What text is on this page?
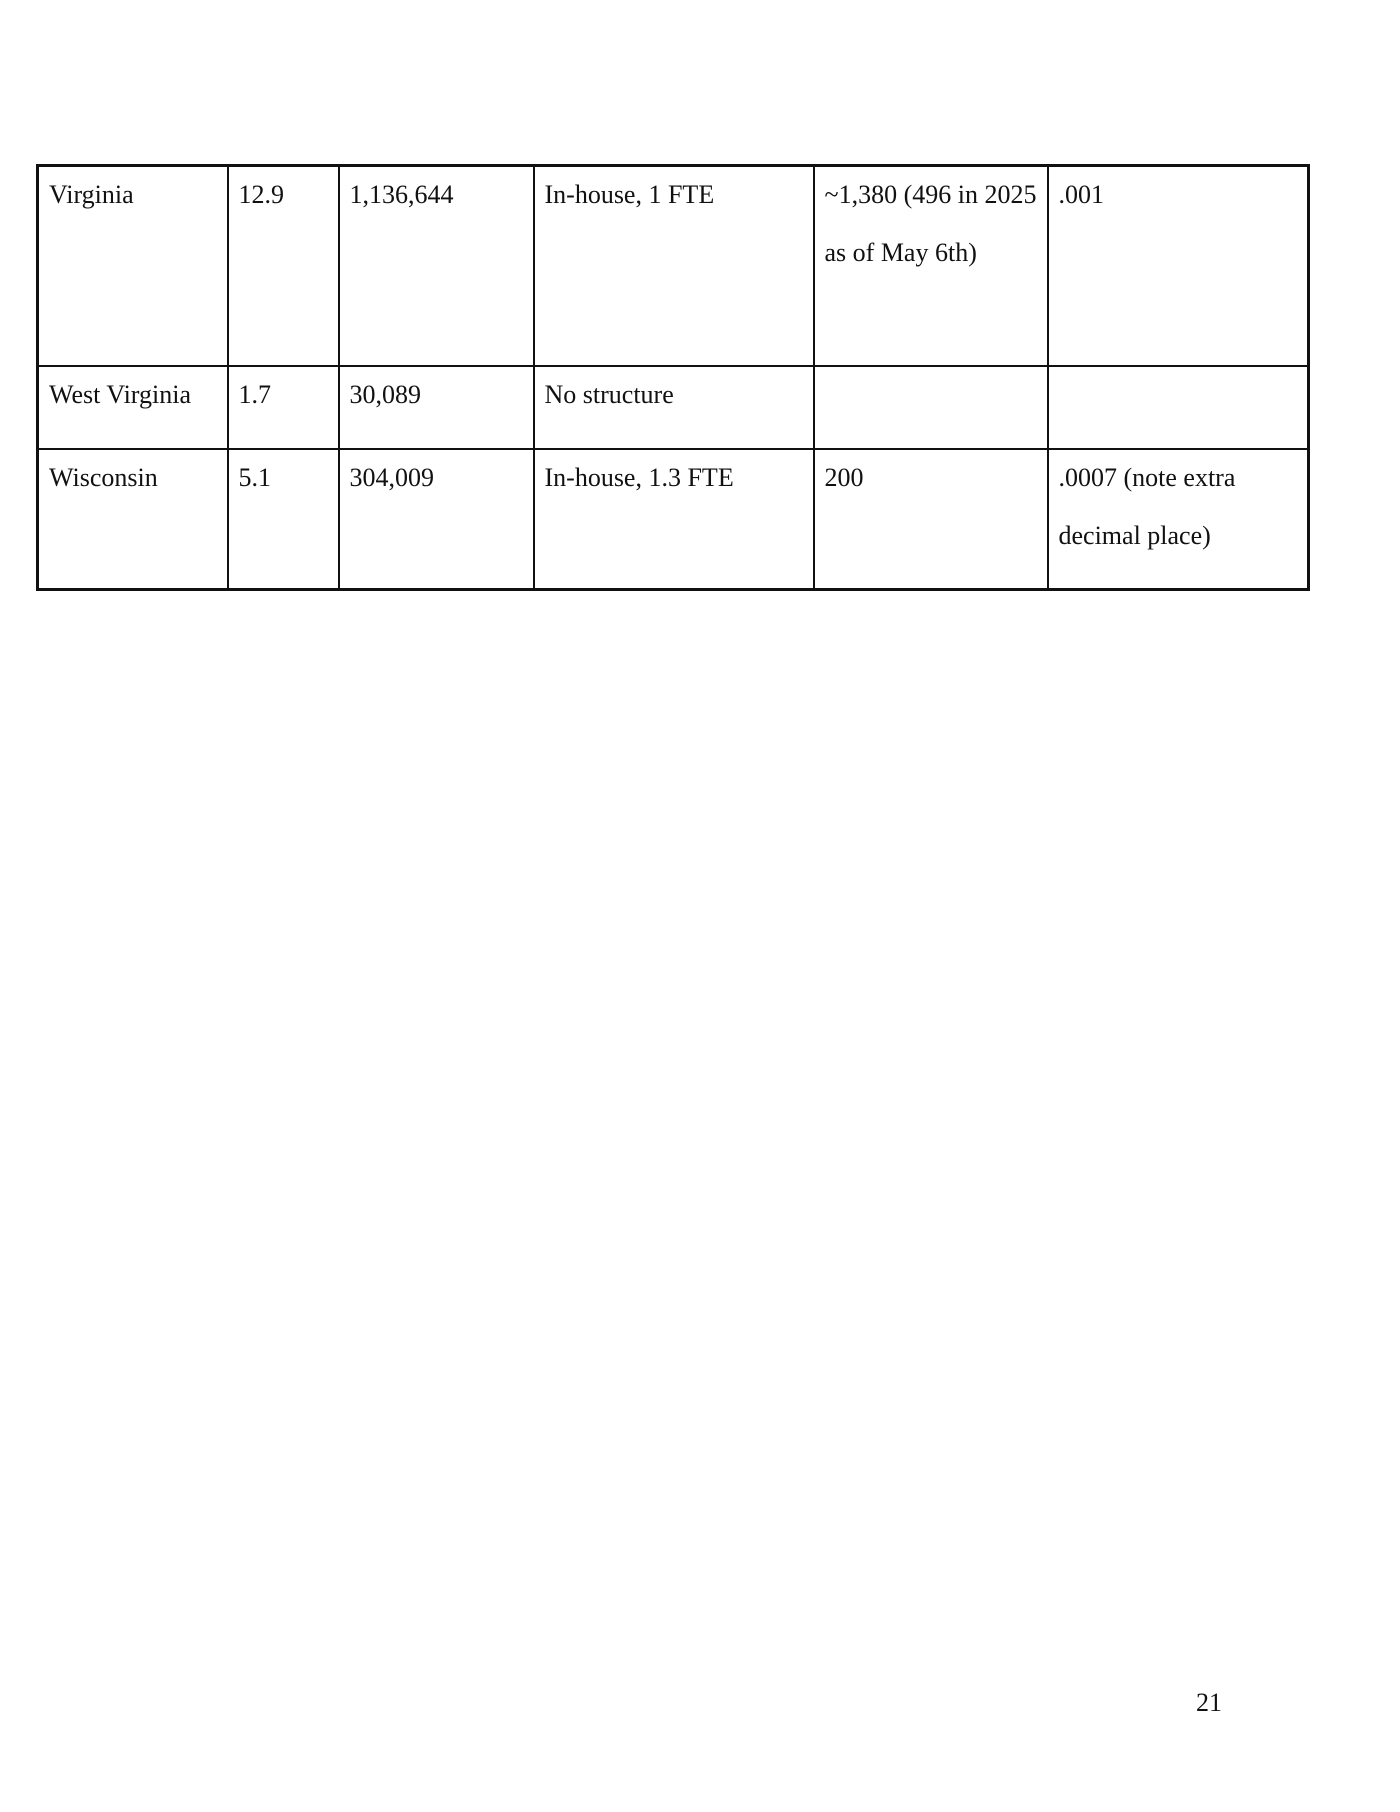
Virginia	12.9	1,136,644	In-house, 1 FTE	~1,380 (496 in 2025 as of May 6th)	.001

West Virginia	1.7	30,089	No structure		

Wisconsin	5.1	304,009	In-house, 1.3 FTE	200	.0007 (note extra decimal place)
21
